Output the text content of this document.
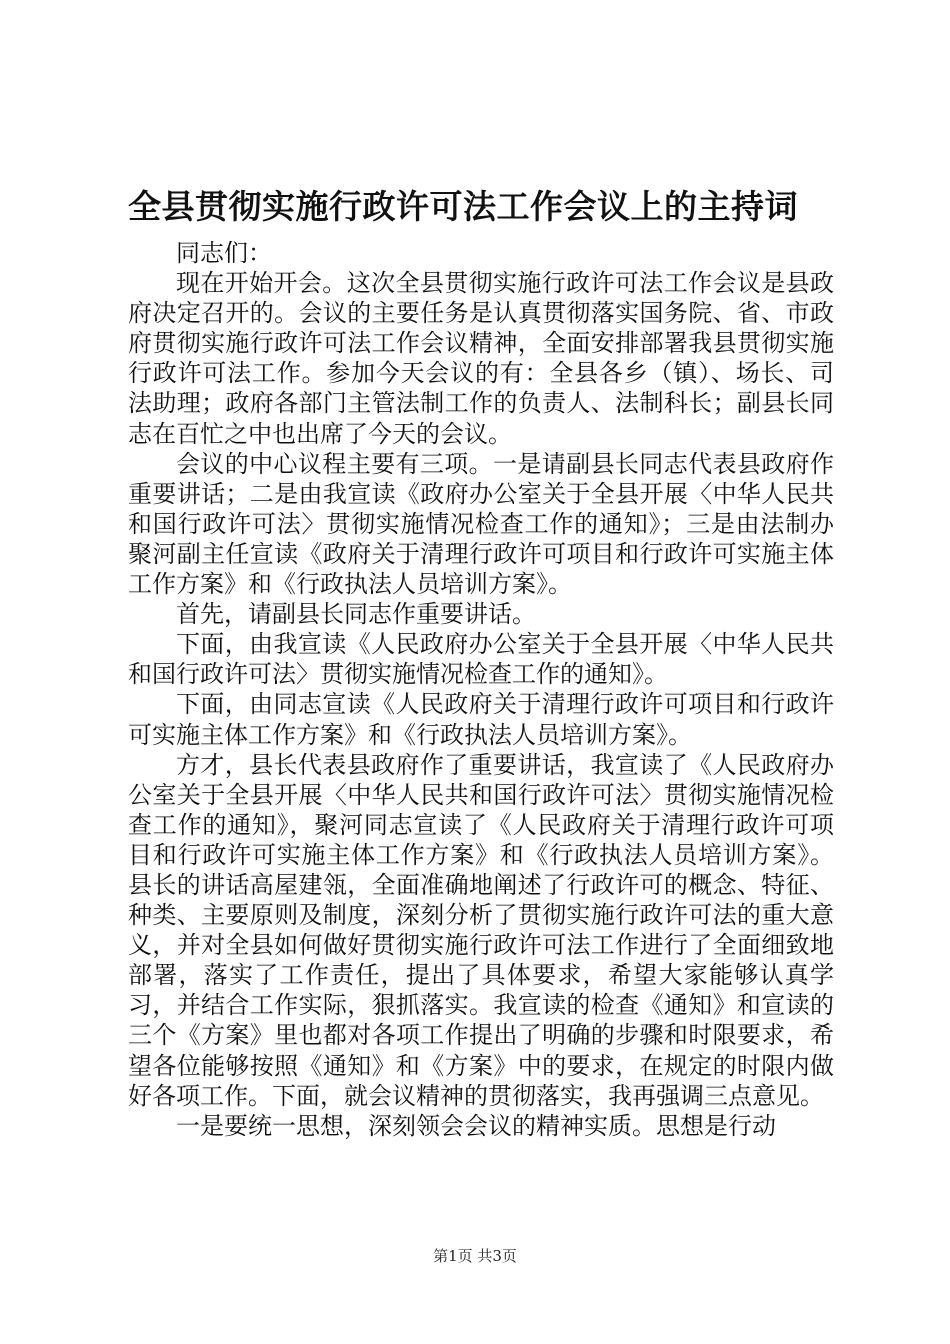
全县贯彻实施行政许可法工作会议上的主持词

同志们：

现在开始开会。这次全县贯彻实施行政许可法工作会议是县政府决定召开的。会议的主要任务是认真贯彻落实国务院、省、市政府贯彻实施行政许可法工作会议精神，全面安排部署我县贯彻实施行政许可法工作。参加今天会议的有：全县各乡（镇）、场长、司法助理；政府各部门主管法制工作的负责人、法制科长；副县长同志在百忙之中也出席了今天的会议。

会议的中心议程主要有三项。一是请副县长同志代表县政府作重要讲话；二是由我宣读《政府办公室关于全县开展〈中华人民共和国行政许可法〉贯彻实施情况检查工作的通知》；三是由法制办聚河副主任宣读《政府关于清理行政许可项目和行政许可实施主体工作方案》和《行政执法人员培训方案》。

首先，请副县长同志作重要讲话。

下面，由我宣读《人民政府办公室关于全县开展〈中华人民共和国行政许可法〉贯彻实施情况检查工作的通知》。

下面，由同志宣读《人民政府关于清理行政许可项目和行政许可实施主体工作方案》和《行政执法人员培训方案》。

方才，县长代表县政府作了重要讲话，我宣读了《人民政府办公室关于全县开展〈中华人民共和国行政许可法〉贯彻实施情况检查工作的通知》，聚河同志宣读了《人民政府关于清理行政许可项目和行政许可实施主体工作方案》和《行政执法人员培训方案》。县长的讲话高屋建瓴，全面准确地阐述了行政许可的概念、特征、种类、主要原则及制度，深刻分析了贯彻实施行政许可法的重大意义，并对全县如何做好贯彻实施行政许可法工作进行了全面细致地部署，落实了工作责任，提出了具体要求，希望大家能够认真学习，并结合工作实际，狠抓落实。我宣读的检查《通知》和宣读的三个《方案》里也都对各项工作提出了明确的步骤和时限要求，希望各位能够按照《通知》和《方案》中的要求，在规定的时限内做好各项工作。下面，就会议精神的贯彻落实，我再强调三点意见。

一是要统一思想，深刻领会会议的精神实质。思想是行动

第1页 共3页
